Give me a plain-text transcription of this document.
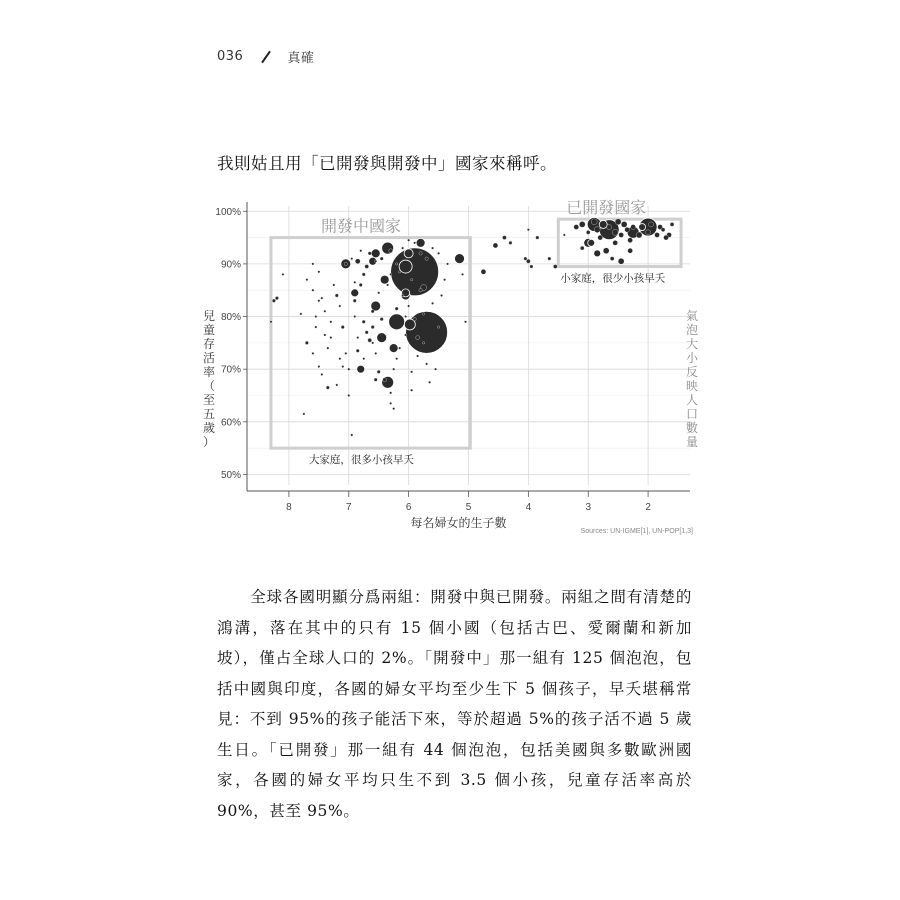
036	真確
我則姑且用「已開發與開發中」國家來稱呼。
100%
90%
80%
70%
60%
50%
8	7	6	5	4	3	2
開發中國家
大家庭，很多小孩早夭
已開發國家
小家庭，很少小孩早夭
每名婦女的生子數
兒童存活率（至五歲）
氣泡大小反映人口數量
Sources: UN-IGME[1], UN-POP[1,3]

全球各國明顯分爲兩組：開發中與已開發。兩組之間有清楚的鴻溝，落在其中的只有 15 個小國（包括古巴、愛爾蘭和新加坡），僅占全球人口的 2%。「開發中」那一組有 125 個泡泡，包括中國與印度，各國的婦女平均至少生下 5 個孩子，早夭堪稱常見：不到 95%的孩子能活下來，等於超過 5%的孩子活不過 5 歲生日。「已開發」那一組有 44 個泡泡，包括美國與多數歐洲國家，各國的婦女平均只生不到 3.5 個小孩，兒童存活率高於 90%，甚至 95%。
